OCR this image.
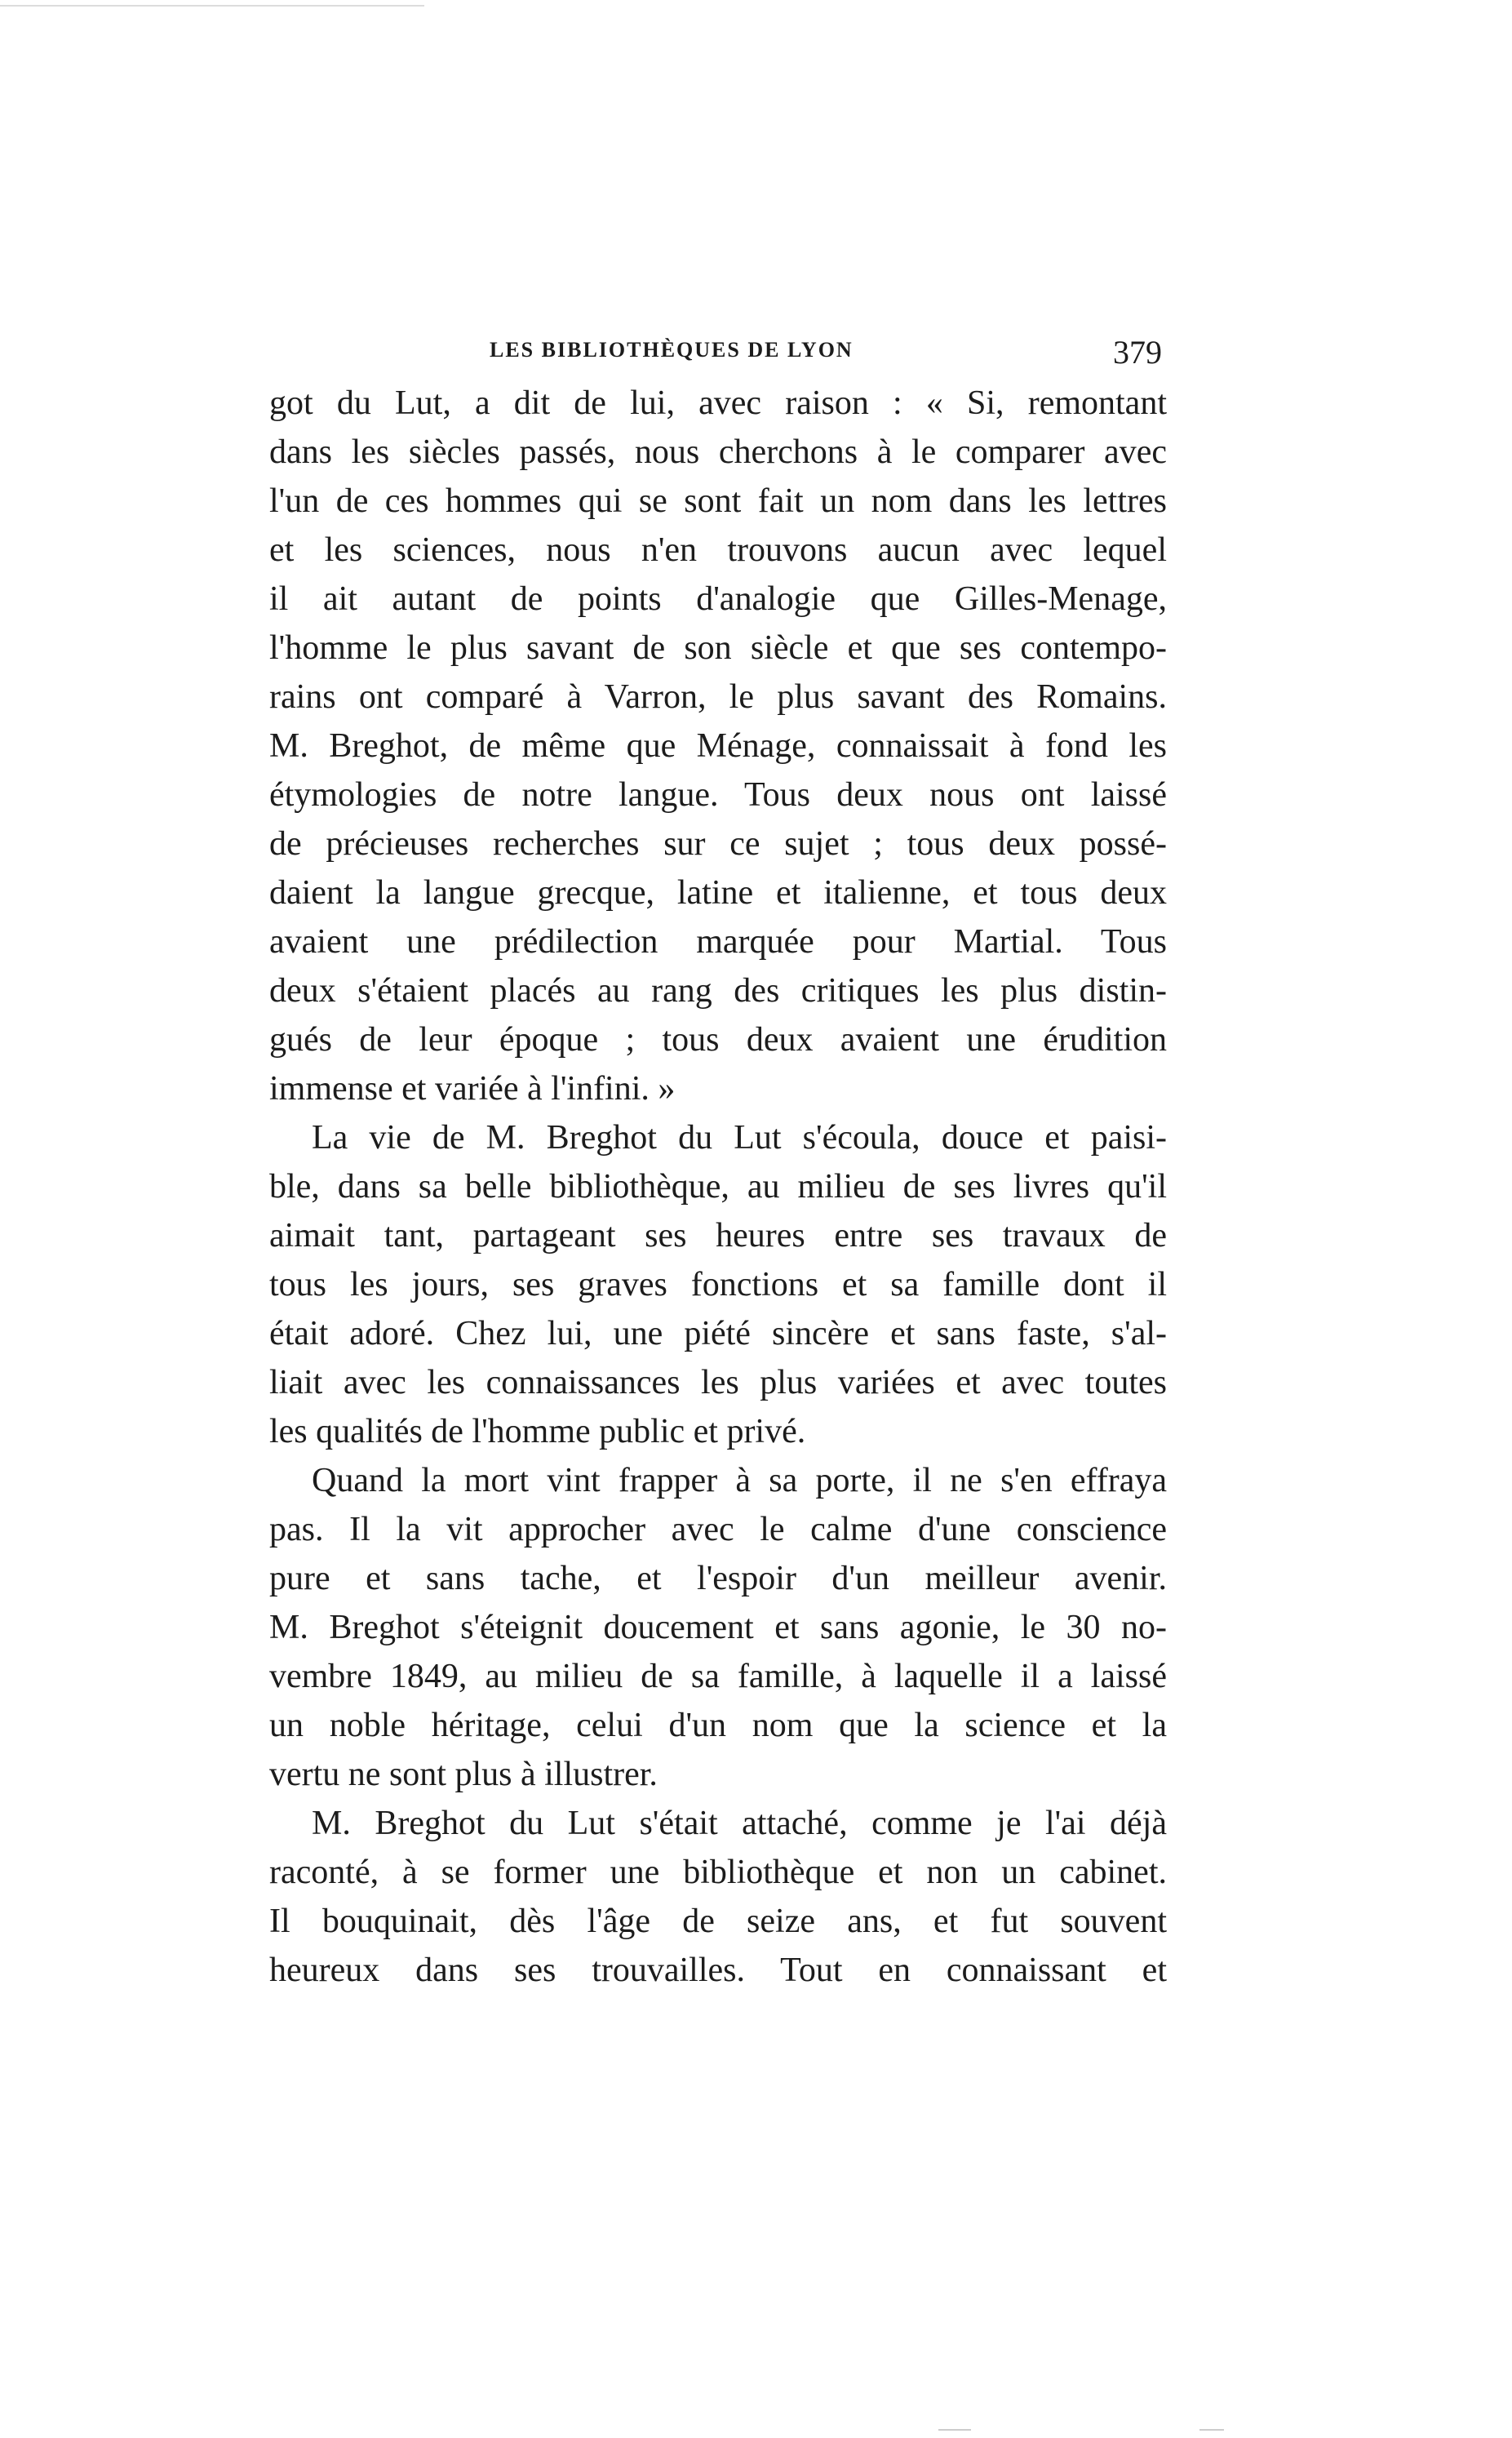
LES BIBLIOTHÈQUES DE LYON	379
got du Lut, a dit de lui, avec raison : « Si, remontant
dans les siècles passés, nous cherchons à le comparer avec
l'un de ces hommes qui se sont fait un nom dans les lettres
et les sciences, nous n'en trouvons aucun avec lequel
il ait autant de points d'analogie que Gilles-Menage,
l'homme le plus savant de son siècle et que ses contempo-
rains ont comparé à Varron, le plus savant des Romains.
M. Breghot, de même que Ménage, connaissait à fond les
étymologies de notre langue. Tous deux nous ont laissé
de précieuses recherches sur ce sujet ; tous deux possé-
daient la langue grecque, latine et italienne, et tous deux
avaient une prédilection marquée pour Martial. Tous
deux s'étaient placés au rang des critiques les plus distin-
gués de leur époque ; tous deux avaient une érudition
immense et variée à l'infini. »
La vie de M. Breghot du Lut s'écoula, douce et paisi-
ble, dans sa belle bibliothèque, au milieu de ses livres qu'il
aimait tant, partageant ses heures entre ses travaux de
tous les jours, ses graves fonctions et sa famille dont il
était adoré. Chez lui, une piété sincère et sans faste, s'al-
liait avec les connaissances les plus variées et avec toutes
les qualités de l'homme public et privé.
Quand la mort vint frapper à sa porte, il ne s'en effraya
pas. Il la vit approcher avec le calme d'une conscience
pure et sans tache, et l'espoir d'un meilleur avenir.
M. Breghot s'éteignit doucement et sans agonie, le 30 no-
vembre 1849, au milieu de sa famille, à laquelle il a laissé
un noble héritage, celui d'un nom que la science et la
vertu ne sont plus à illustrer.
M. Breghot du Lut s'était attaché, comme je l'ai déjà
raconté, à se former une bibliothèque et non un cabinet.
Il bouquinait, dès l'âge de seize ans, et fut souvent
heureux dans ses trouvailles. Tout en connaissant et
